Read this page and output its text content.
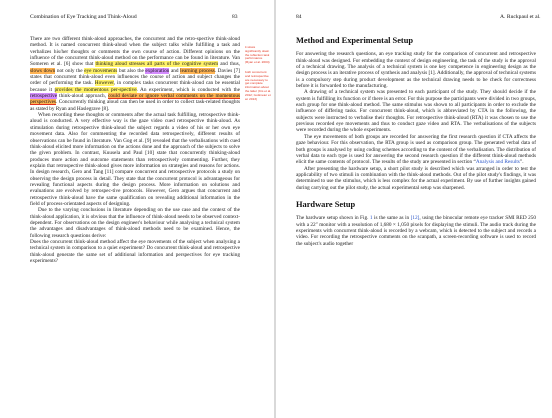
Combination of Eye Tracking and Think-Aloud	83

There are two different think-aloud approaches, the concurrent and the retro-spective think-aloud method. It is named concurrent think-aloud when the subject talks while fulfilling a task and verbalizes his/her thoughts or comments the own course of action. Different opinions on the influence of the concurrent think-aloud method on the performance can be found in literature. Van Someren et al. [6] show that thinking aloud stresses all parts of the cognitive system and thus, slows down not only the eye movements but also the exploration and learning process. Davies [7] states that concurrent think-aloud even influences the course of action and subject changes the order of performing the task. However, in complex tasks concurrent think-aloud can be essential because it provides the momentous per-spective. An experiment, which is conducted with the retrospective think-aloud approach, could deviate or ignore verbal comments on the momentous perspectives. Concurrently thinking aloud can then be used in order to collect task-related thoughts as stated by Ryan and Haslegrave [8].

When recording these thoughts or comments after the actual task fulfilling, retrospective think-aloud is conducted. A very effective way is the gaze video cued retrospective think-aloud. As stimulation during retrospective think-aloud the subject regards a video of his or her own eye movement data. Also for commenting the recorded data retrospectively, different results of observations can be found in literature. Van Gog et al. [9] revealed that the verbalisations with cued think-aloud elicited more information on the actions done and the approach of the subjects to solve the given problem. In contrast, Kuusela and Paul [10] state that concurrently thinking-aloud produces more action and outcome statements than retrospectively commenting. Further, they explain that retrospective think-aloud gives more information on strategies and reasons for actions. In design research, Gero and Tang [11] compare concurrent and retrospective protocols a study on observing the design process in detail. They state that the concurrent protocol is advantageous for revealing functional aspects during the design process. More information on solutions and evaluations are evolved by retrospec-tive protocols. However, Gero argues that concurrent and retrospective think-aloud have the same qualification on revealing additional information in the field of process-orientated aspects of designing.

Due to the varying conclusions in literature depending on the use case and the context of the think-aloud application, it is obvious that the influence of think-aloud needs to be observed context-dependent. For observations on the design engineer's behaviour while analysing a technical system the advantages and disadvantages of think-aloud methods need to be examined. Hence, the following research questions derive:

Does the concurrent think-aloud method affect the eye movements of the subject when analysing a technical system in comparison to a quiet experiment? Do concurrent think-aloud and retrospective think-aloud generate the same set of additional information and perspectives for eye tracking experiments?

it slows significantly down the reflection task performance (Ryan et al. 2004)
both concurrent and retrospective are necessary to get complete information about the latter (Cis et al. 2012; Gottmeier et al. 2013)
84	A. Ruckpaul et al.
Method and Experimental Setup

For answering the research questions, an eye tracking study for the comparison of concurrent and retrospective think-aloud was designed. For embedding the context of design engineering, the task of the study is the approval of a technical drawing. The analysis of a technical system is one key competence in engineering design as the design process is an iterative process of synthesis and analysis [1]. Additionally, the approval of technical systems is a compulsory step during product development as the technical drawing needs to be check for correctness before it is forwarded to the manufacturing.

A drawing of a technical system was presented to each participant of the study. They should decide if the system is fulfilling its function or if there is an error. For this purpose the participants were divided in two groups, each group for one think-aloud method. The same stimulus was shown to all participants in order to exclude the influence of differing tasks. For concurrent think-aloud, which is abbreviated by CTA in the following, the subjects were instructed to verbalise their thoughts. For retrospective think-aloud (RTA) it was chosen to use the previous recorded eye movements and thus to conduct gaze video and RTA. The verbalisations of the subjects were recorded during the whole experiments.

The eye movements of both groups are recorded for answering the first research question if CTA affects the gaze behaviour. For this observation, the RTA group is used as comparison group. The generated verbal data of both groups is analysed by using coding schemes according to the content of the verbalisation. The distribution of verbal data to each type is used for answering the second research question if the different think-aloud methods elicit the same contents of protocol. The results of the study are presented in section “Analysis and Results”.

After presenting the hardware setup, a short pilot study is described which was arranged in order to test the applicability of two stimuli in combination with the think-aloud methods. Out of the pilot study's findings, it was determined to use the stimulus, which is less complex for the actual experiment. By use of further insights gained during carrying out the pilot study, the actual experimental setup was sharpened.

Hardware Setup

The hardware setup shown in Fig. 1 is the same as in [12], using the binocular remote eye tracker SMI RED 250 with a 22″ monitor with a resolution of 1,680 × 1,050 pixels for displaying the stimuli. The audio track during the experiments with concurrent think-aloud is recorded by a webcam, which is detected to the subject and records a video. For recording the retrospective comments on the scanpath, a screen-recording software is used to record the subject's audio together
